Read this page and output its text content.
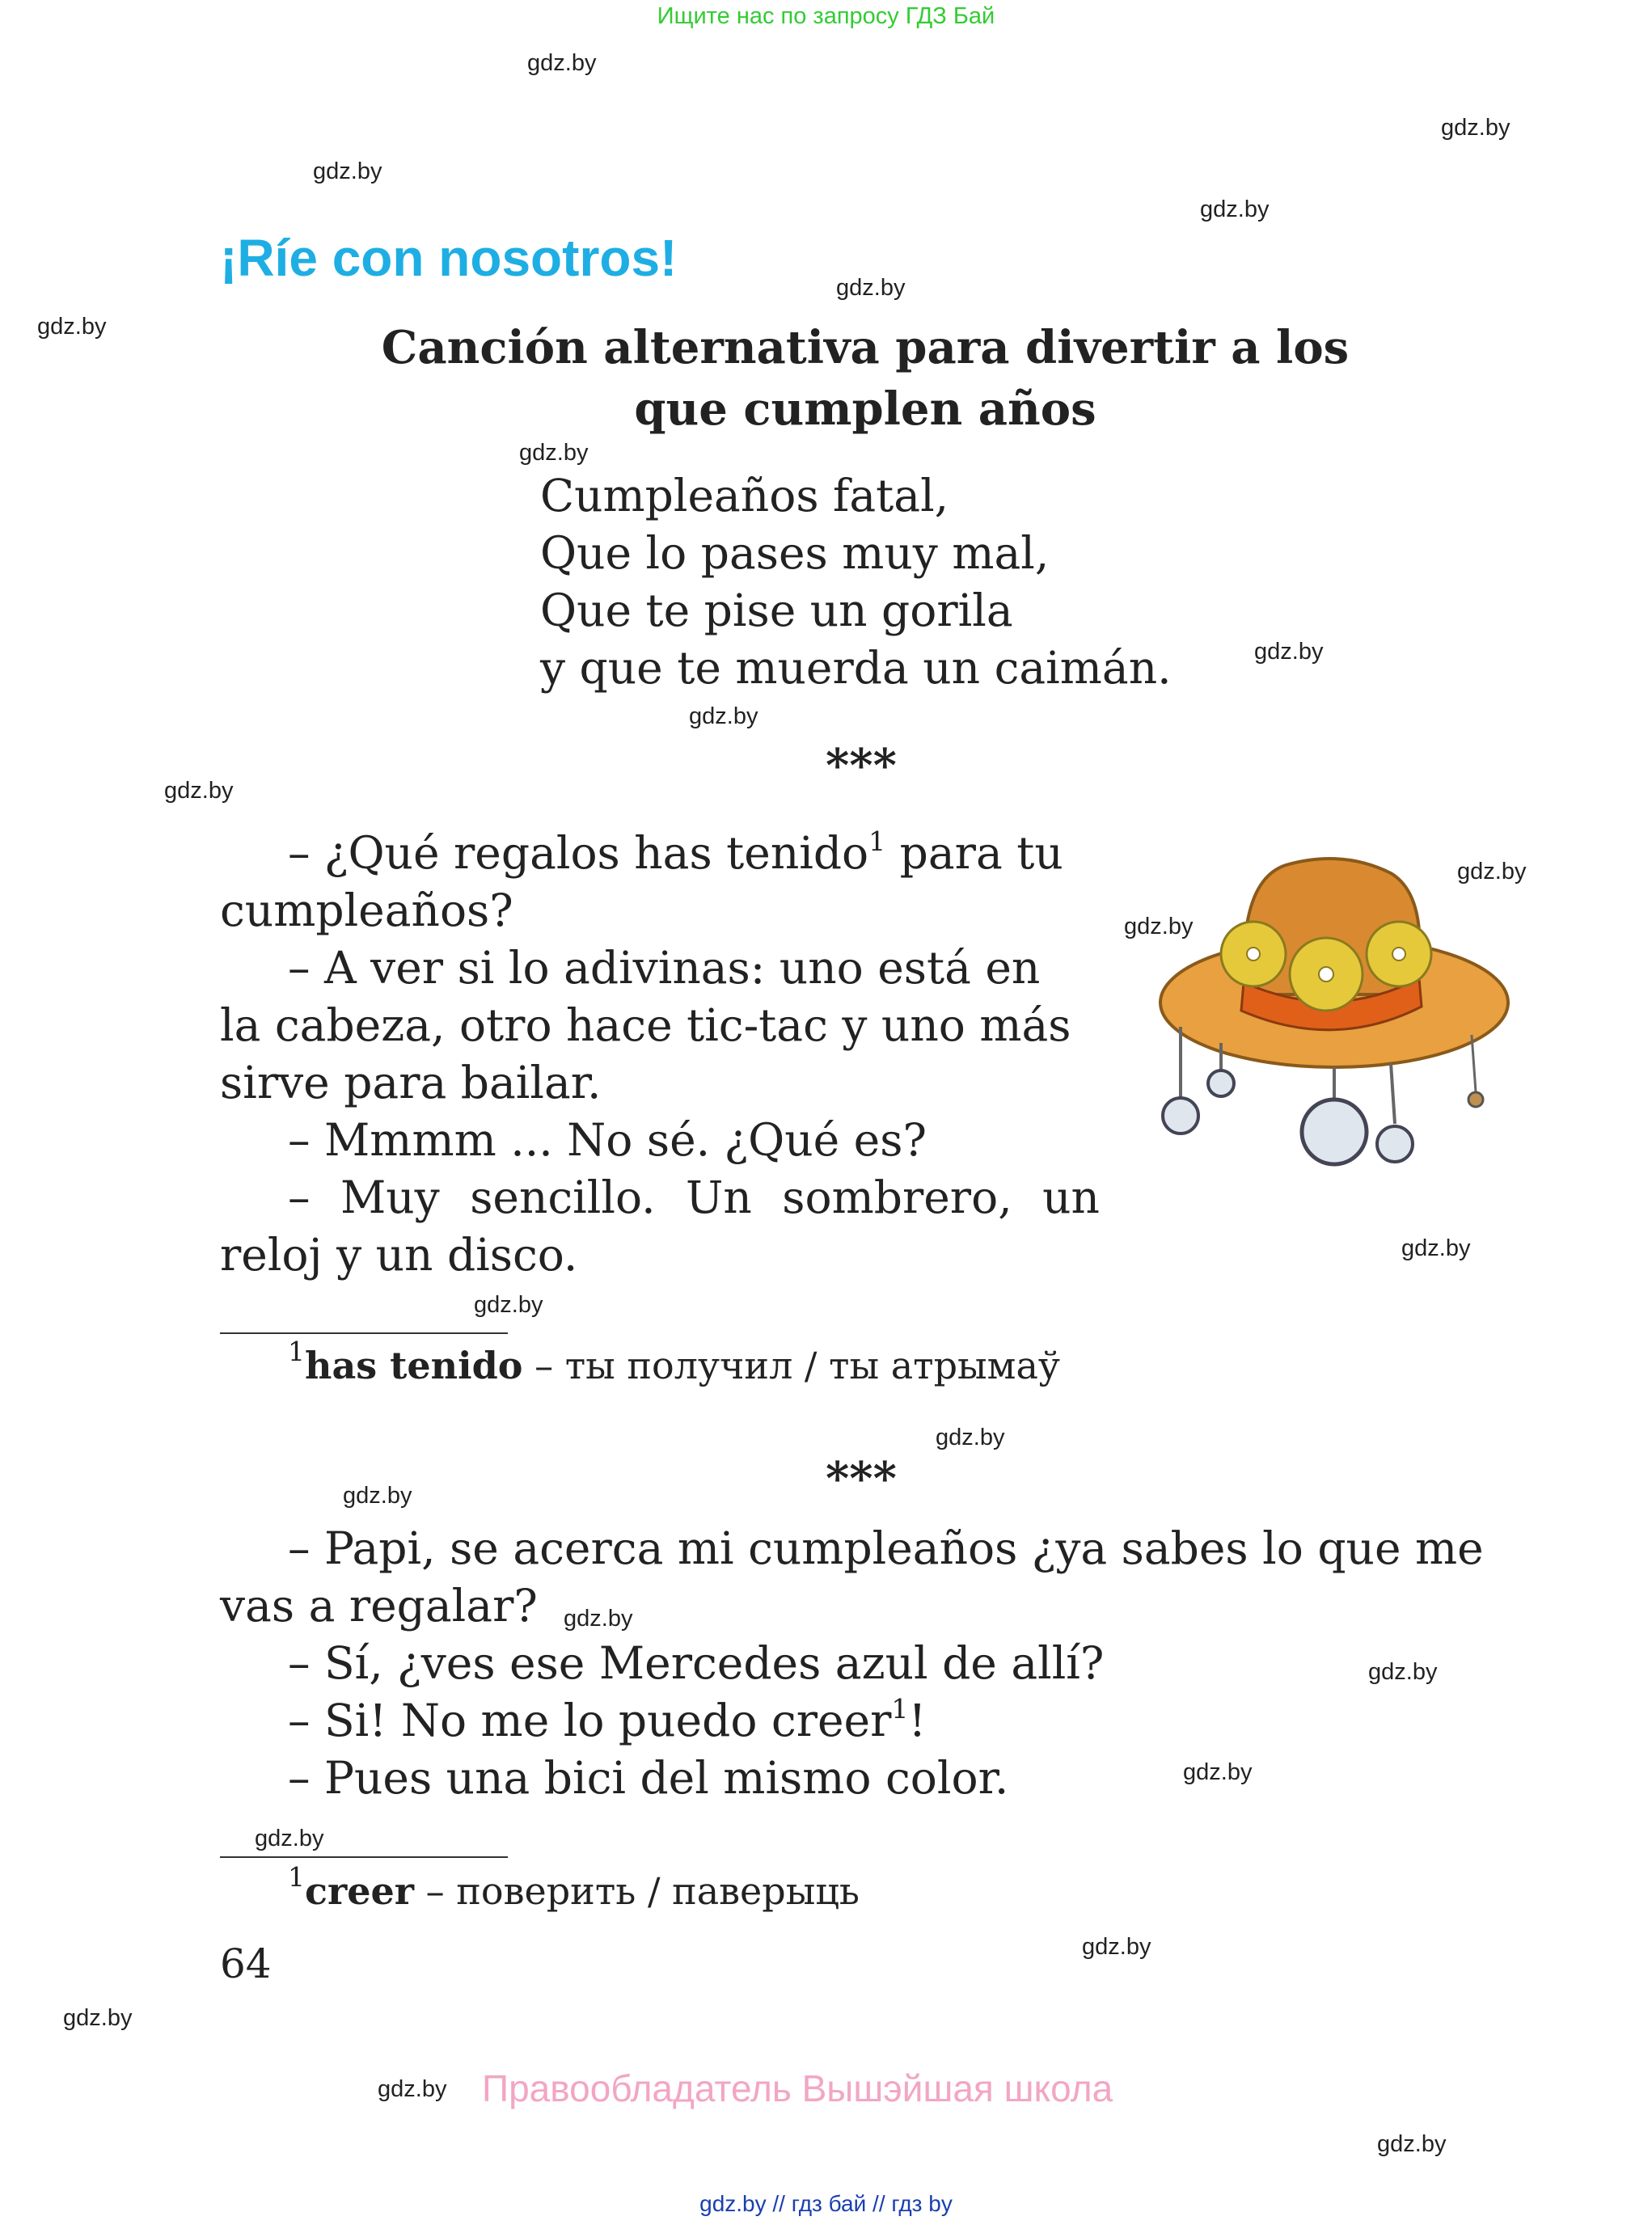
Ищите нас по запросу ГДЗ Бай
gdz.by
gdz.by
gdz.by
gdz.by
gdz.by
gdz.by
gdz.by
gdz.by
gdz.by
gdz.by
gdz.by
gdz.by
gdz.by
gdz.by
gdz.by
gdz.by
gdz.by
gdz.by
gdz.by
gdz.by
gdz.by
gdz.by
gdz.by
gdz.by
¡Ríe con nosotros!
Canción alternativa para divertir a los
que cumplen años
Cumpleaños fatal,
Que lo pases muy mal,
Que te pise un gorila
y que te muerda un caimán.
***
– ¿Qué regalos has tenido$^1$ para tu
cumpleaños?
– A ver si lo adivinas: uno está en
la cabeza, otro hace tic-tac y uno más
sirve para bailar.
– Mmmm ... No sé. ¿Qué es?
– Muy sencillo. Un sombrero, un
reloj y un disco.
$^1$has tenido – ты получил / ты атрымаў
***
– Papi, se acerca mi cumpleaños ¿ya sabes lo que me
vas a regalar?
– Sí, ¿ves ese Mercedes azul de allí?
– Si! No me lo puedo creer$^1$!
– Pues una bici del mismo color.
$^1$creer – поверить / паверыць
64
Правообладатель Вышэйшая школа
gdz.by // гдз бай // гдз by
